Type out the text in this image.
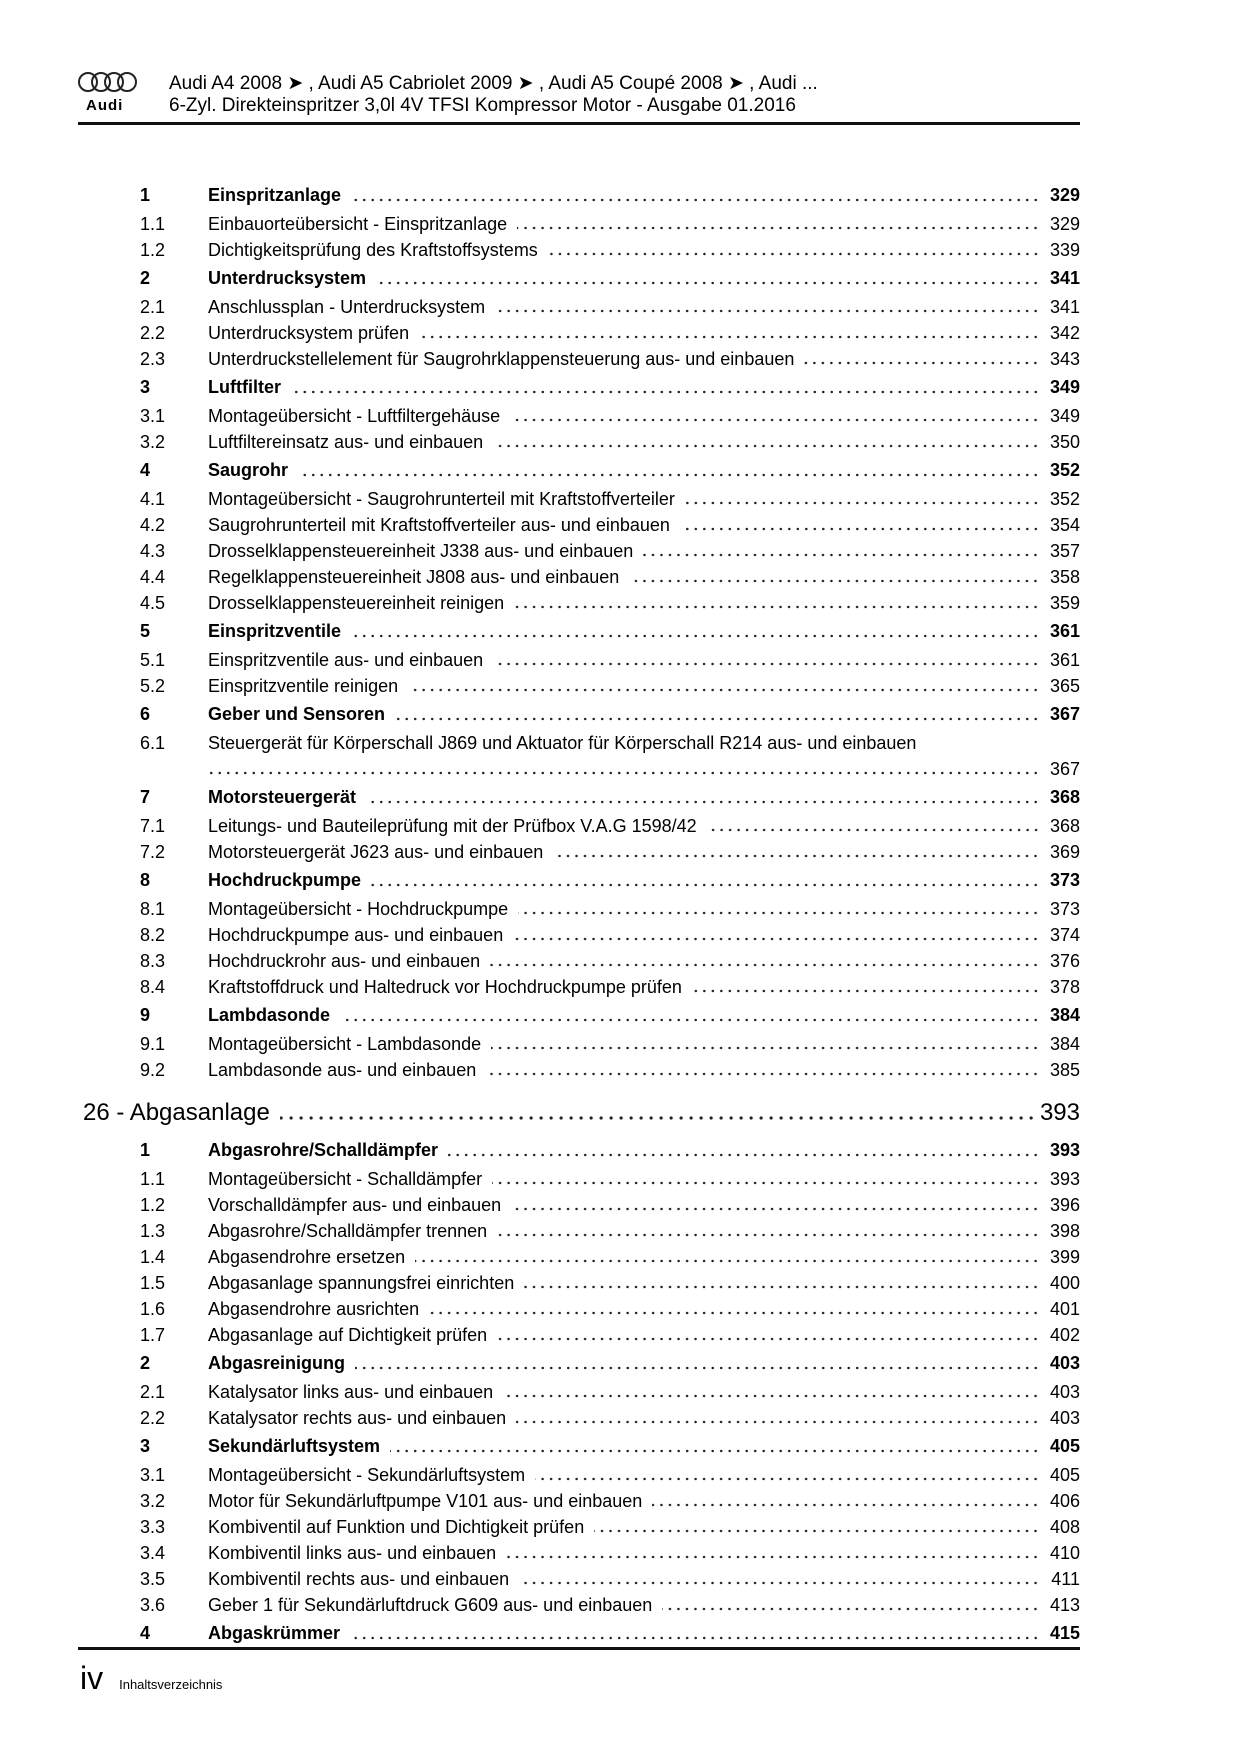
Audi
Audi A4 2008 ➤ , Audi A5 Cabriolet 2009 ➤ , Audi A5 Coupé 2008 ➤ , Audi ...
6-Zyl. Direkteinspritzer 3,0l 4V TFSI Kompressor Motor - Ausgabe 01.2016
1	Einspritzanlage	329
1.1	Einbauorteübersicht - Einspritzanlage	329
1.2	Dichtigkeitsprüfung des Kraftstoffsystems	339
2	Unterdrucksystem	341
2.1	Anschlussplan - Unterdrucksystem	341
2.2	Unterdrucksystem prüfen	342
2.3	Unterdruckstellelement für Saugrohrklappensteuerung aus- und einbauen	343
3	Luftfilter	349
3.1	Montageübersicht - Luftfiltergehäuse	349
3.2	Luftfiltereinsatz aus- und einbauen	350
4	Saugrohr	352
4.1	Montageübersicht - Saugrohrunterteil mit Kraftstoffverteiler	352
4.2	Saugrohrunterteil mit Kraftstoffverteiler aus- und einbauen	354
4.3	Drosselklappensteuereinheit J338 aus- und einbauen	357
4.4	Regelklappensteuereinheit J808 aus- und einbauen	358
4.5	Drosselklappensteuereinheit reinigen	359
5	Einspritzventile	361
5.1	Einspritzventile aus- und einbauen	361
5.2	Einspritzventile reinigen	365
6	Geber und Sensoren	367
6.1	Steuergerät für Körperschall J869 und Aktuator für Körperschall R214 aus- und einbauen
367
7	Motorsteuergerät	368
7.1	Leitungs- und Bauteileprüfung mit der Prüfbox V.A.G 1598/42	368
7.2	Motorsteuergerät J623 aus- und einbauen	369
8	Hochdruckpumpe	373
8.1	Montageübersicht - Hochdruckpumpe	373
8.2	Hochdruckpumpe aus- und einbauen	374
8.3	Hochdruckrohr aus- und einbauen	376
8.4	Kraftstoffdruck und Haltedruck vor Hochdruckpumpe prüfen	378
9	Lambdasonde	384
9.1	Montageübersicht - Lambdasonde	384
9.2	Lambdasonde aus- und einbauen	385
26 - Abgasanlage	393
1	Abgasrohre/Schalldämpfer	393
1.1	Montageübersicht - Schalldämpfer	393
1.2	Vorschalldämpfer aus- und einbauen	396
1.3	Abgasrohre/Schalldämpfer trennen	398
1.4	Abgasendrohre ersetzen	399
1.5	Abgasanlage spannungsfrei einrichten	400
1.6	Abgasendrohre ausrichten	401
1.7	Abgasanlage auf Dichtigkeit prüfen	402
2	Abgasreinigung	403
2.1	Katalysator links aus- und einbauen	403
2.2	Katalysator rechts aus- und einbauen	403
3	Sekundärluftsystem	405
3.1	Montageübersicht - Sekundärluftsystem	405
3.2	Motor für Sekundärluftpumpe V101 aus- und einbauen	406
3.3	Kombiventil auf Funktion und Dichtigkeit prüfen	408
3.4	Kombiventil links aus- und einbauen	410
3.5	Kombiventil rechts aus- und einbauen	411
3.6	Geber 1 für Sekundärluftdruck G609 aus- und einbauen	413
4	Abgaskrümmer	415
iv Inhaltsverzeichnis
